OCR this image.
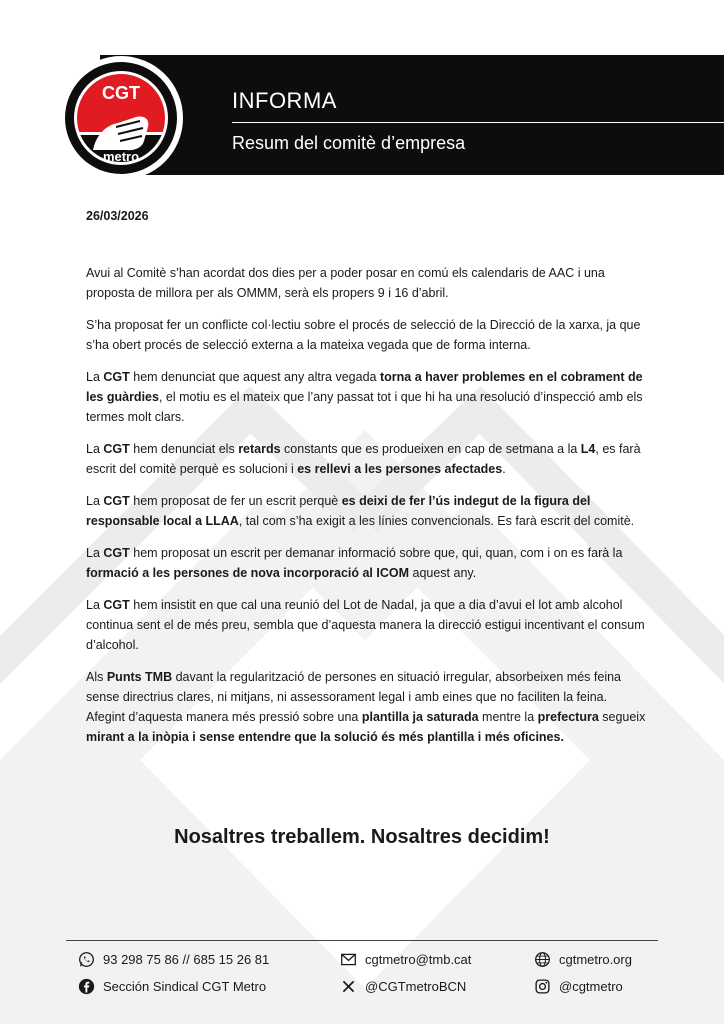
CGT
metro
INFORMA
Resum del comitè d’empresa
26/03/2026

Avui al Comitè s’han acordat dos dies per a poder posar en comú els calendaris de AAC i una proposta de millora per als OMMM, serà els propers 9 i 16 d’abril.

S’ha proposat fer un conflicte col·lectiu sobre el procés de selecció de la Direcció de la xarxa, ja que s’ha obert procés de selecció externa a la mateixa vegada que de forma interna.

La CGT hem denunciat que aquest any altra vegada torna a haver problemes en el cobrament de les guàrdies, el motiu es el mateix que l’any passat tot i que hi ha una resolució d’inspecció amb els termes molt clars.

La CGT hem denunciat els retards constants que es produeixen en cap de setmana a la L4, es farà escrit del comitè perquè es solucioni i es rellevi a les persones afectades.

La CGT hem proposat de fer un escrit perquè es deixi de fer l’ús indegut de la figura del responsable local a LLAA, tal com s’ha exigit a les línies convencionals. Es farà escrit del comitè.

La CGT hem proposat un escrit per demanar informació sobre que, qui, quan, com i on es farà la formació a les persones de nova incorporació al ICOM aquest any.

La CGT hem insistit en que cal una reunió del Lot de Nadal, ja que a dia d’avui el lot amb alcohol continua sent el de més preu, sembla que d’aquesta manera la direcció estigui incentivant el consum d’alcohol.

Als Punts TMB davant la regularització de persones en situació irregular, absorbeixen més feina sense directrius clares, ni mitjans, ni assessorament legal i amb eines que no faciliten la feina. Afegint d’aquesta manera més pressió sobre una plantilla ja saturada mentre la prefectura segueix mirant a la inòpia i sense entendre que la solució és més plantilla i més oficines.

Nosaltres treballem. Nosaltres decidim!
93 298 75 86 // 685 15 26 81	cgtmetro@tmb.cat	cgtmetro.org
Sección Sindical CGT Metro	@CGTmetroBCN	@cgtmetro
